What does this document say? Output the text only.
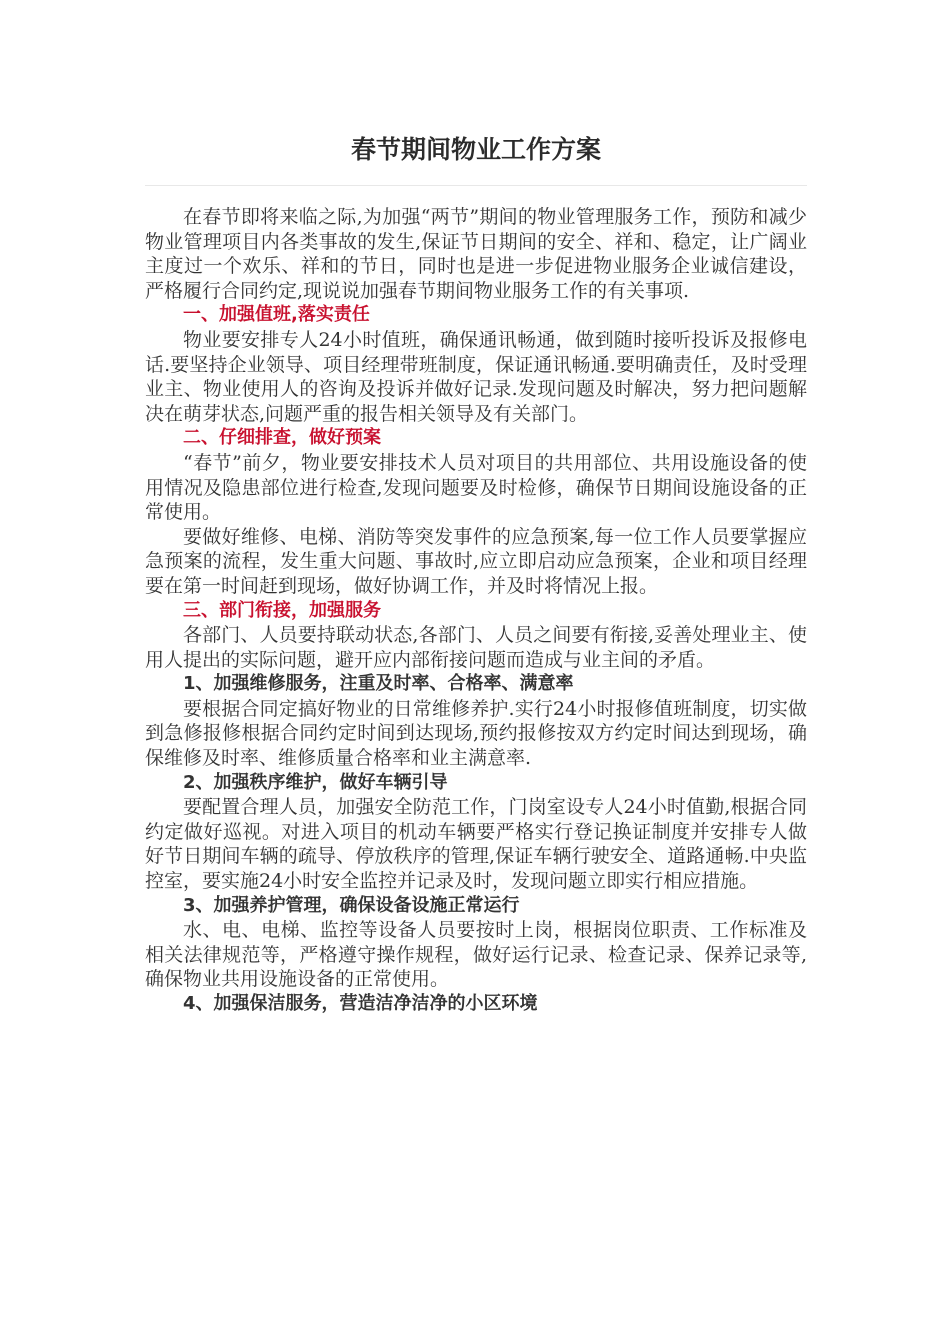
春节期间物业工作方案

在春节即将来临之际,为加强“两节”期间的物业管理服务工作，预防和减少物业管理项目内各类事故的发生,保证节日期间的安全、祥和、稳定，让广阔业主度过一个欢乐、祥和的节日，同时也是进一步促进物业服务企业诚信建设，严格履行合同约定,现说说加强春节期间物业服务工作的有关事项.

一、加强值班,落实责任

物业要安排专人24小时值班，确保通讯畅通，做到随时接听投诉及报修电话.要坚持企业领导、项目经理带班制度，保证通讯畅通.要明确责任，及时受理业主、物业使用人的咨询及投诉并做好记录.发现问题及时解决，努力把问题解决在萌芽状态,问题严重的报告相关领导及有关部门。

二、仔细排查，做好预案

“春节”前夕，物业要安排技术人员对项目的共用部位、共用设施设备的使用情况及隐患部位进行检查,发现问题要及时检修，确保节日期间设施设备的正常使用。

要做好维修、电梯、消防等突发事件的应急预案,每一位工作人员要掌握应急预案的流程，发生重大问题、事故时,应立即启动应急预案，企业和项目经理要在第一时间赶到现场，做好协调工作，并及时将情况上报。

三、部门衔接，加强服务

各部门、人员要持联动状态,各部门、人员之间要有衔接,妥善处理业主、使用人提出的实际问题，避开应内部衔接问题而造成与业主间的矛盾。

1、加强维修服务，注重及时率、合格率、满意率

要根据合同定搞好物业的日常维修养护.实行24小时报修值班制度，切实做到急修报修根据合同约定时间到达现场,预约报修按双方约定时间达到现场，确保维修及时率、维修质量合格率和业主满意率.

2、加强秩序维护，做好车辆引导

要配置合理人员，加强安全防范工作，门岗室设专人24小时值勤,根据合同约定做好巡视。对进入项目的机动车辆要严格实行登记换证制度并安排专人做好节日期间车辆的疏导、停放秩序的管理,保证车辆行驶安全、道路通畅.中央监控室，要实施24小时安全监控并记录及时，发现问题立即实行相应措施。

3、加强养护管理，确保设备设施正常运行

水、电、电梯、监控等设备人员要按时上岗，根据岗位职责、工作标准及相关法律规范等，严格遵守操作规程，做好运行记录、检查记录、保养记录等,确保物业共用设施设备的正常使用。

4、加强保洁服务，营造洁净洁净的小区环境
